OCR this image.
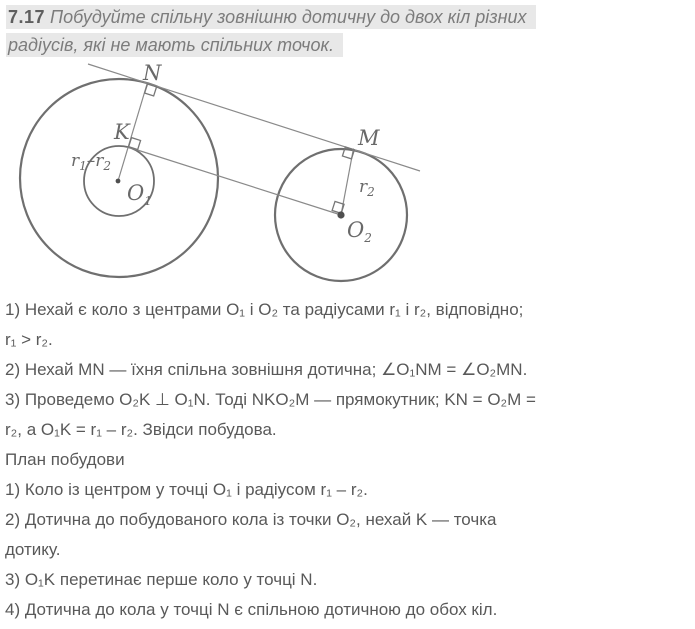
7.17 Побудуйте спільну зовнішню дотичну до двох кіл різних

радіусів, які не мають спільних точок.

N
K	M
$O_1$
$O_2$
$r_2$
$r_1-r_2$

1) Нехай є коло з центрами O₁ і O₂ та радіусами r₁ і r₂, відповідно;

r₁ > r₂.

2) Нехай MN — їхня спільна зовнішня дотична; ∠O₁NM = ∠O₂MN.

3) Проведемо O₂K ⊥ O₁N. Тоді NKO₂M — прямокутник; KN = O₂M =

r₂, а O₁K = r₁ – r₂. Звідси побудова.

План побудови

1) Коло із центром у точці O₁ і радіусом r₁ – r₂.

2) Дотична до побудованого кола із точки O₂, нехай K — точка

дотику.

3) O₁K перетинає перше коло у точці N.

4) Дотична до кола у точці N є спільною дотичною до обох кіл.
